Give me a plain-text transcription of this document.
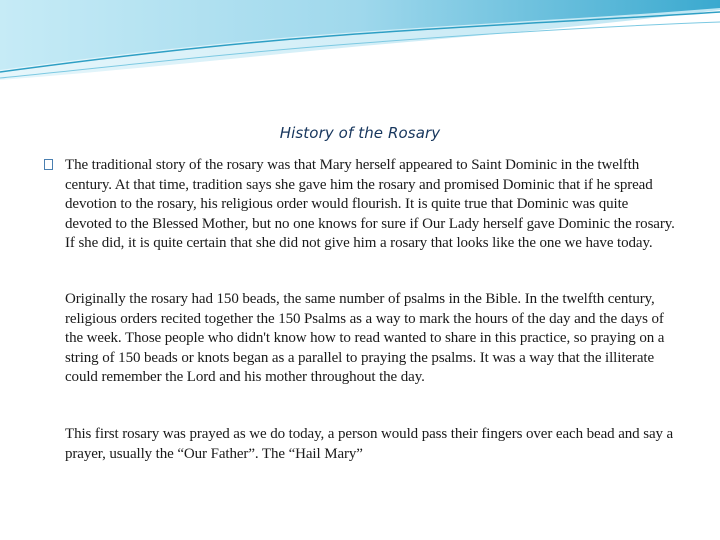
History of the Rosary

The traditional story of the rosary was that Mary herself appeared to Saint Dominic in the twelfth century. At that time, tradition says she gave him the rosary and promised Dominic that if he spread devotion to the rosary, his religious order would flourish. It is quite true that Dominic was quite devoted to the Blessed Mother, but no one knows for sure if Our Lady herself gave Dominic the rosary. If she did, it is quite certain that she did not give him a rosary that looks like the one we have today.

Originally the rosary had 150 beads, the same number of psalms in the Bible. In the twelfth century, religious orders recited together the 150 Psalms as a way to mark the hours of the day and the days of the week. Those people who didn't know how to read wanted to share in this practice, so praying on a string of 150 beads or knots began as a parallel to praying the psalms. It was a way that the illiterate could remember the Lord and his mother throughout the day.

This first rosary was prayed as we do today, a person would pass their fingers over each bead and say a prayer, usually the “Our Father”. The “Hail Mary”
